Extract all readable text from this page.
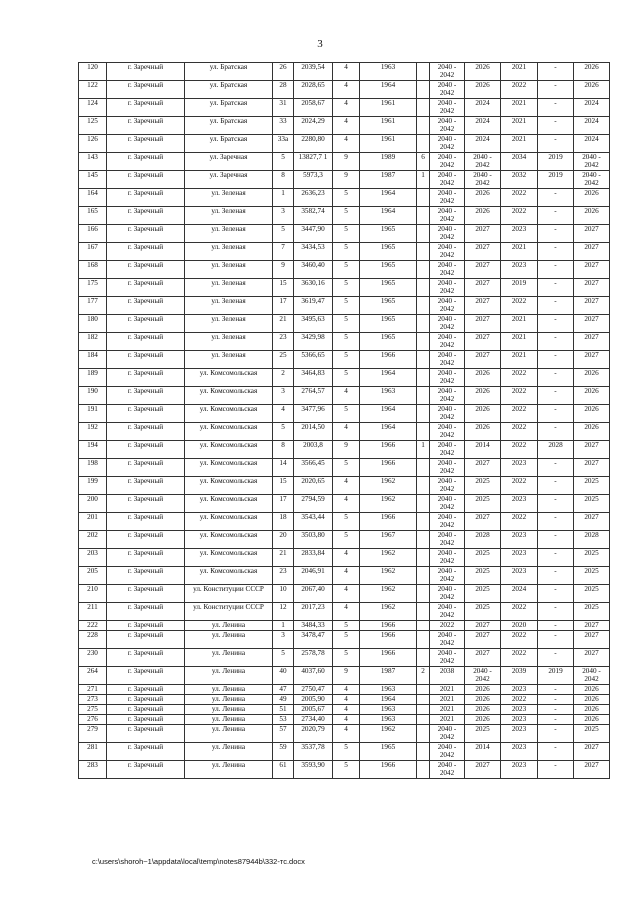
3
120	г. Заречный	ул. Братская	26	2039,54	4	1963		2040 - 2042	2026	2021	-	2026
122	г. Заречный	ул. Братская	28	2028,65	4	1964		2040 - 2042	2026	2022	-	2026
124	г. Заречный	ул. Братская	31	2058,67	4	1961		2040 - 2042	2024	2021	-	2024
125	г. Заречный	ул. Братская	33	2024,29	4	1961		2040 - 2042	2024	2021	-	2024
126	г. Заречный	ул. Братская	33а	2280,80	4	1961		2040 - 2042	2024	2021	-	2024
143	г. Заречный	ул. Заречная	5	13827,7 1	9	1989	6	2040 - 2042	2040 - 2042	2034	2019	2040 - 2042
145	г. Заречный	ул. Заречная	8	5973,3	9	1987	1	2040 - 2042	2040 - 2042	2032	2019	2040 - 2042
164	г. Заречный	ул. Зеленая	1	2636,23	5	1964		2040 - 2042	2026	2022	-	2026
165	г. Заречный	ул. Зеленая	3	3582,74	5	1964		2040 - 2042	2026	2022	-	2026
166	г. Заречный	ул. Зеленая	5	3447,90	5	1965		2040 - 2042	2027	2023	-	2027
167	г. Заречный	ул. Зеленая	7	3434,53	5	1965		2040 - 2042	2027	2021	-	2027
168	г. Заречный	ул. Зеленая	9	3460,40	5	1965		2040 - 2042	2027	2023	-	2027
175	г. Заречный	ул. Зеленая	15	3630,16	5	1965		2040 - 2042	2027	2019	-	2027
177	г. Заречный	ул. Зеленая	17	3619,47	5	1965		2040 - 2042	2027	2022	-	2027
180	г. Заречный	ул. Зеленая	21	3495,63	5	1965		2040 - 2042	2027	2021	-	2027
182	г. Заречный	ул. Зеленая	23	3429,98	5	1965		2040 - 2042	2027	2021	-	2027
184	г. Заречный	ул. Зеленая	25	5366,65	5	1966		2040 - 2042	2027	2021	-	2027
189	г. Заречный	ул. Комсомольская	2	3464,83	5	1964		2040 - 2042	2026	2022	-	2026
190	г. Заречный	ул. Комсомольская	3	2764,57	4	1963		2040 - 2042	2026	2022	-	2026
191	г. Заречный	ул. Комсомольская	4	3477,96	5	1964		2040 - 2042	2026	2022	-	2026
192	г. Заречный	ул. Комсомольская	5	2014,50	4	1964		2040 - 2042	2026	2022	-	2026
194	г. Заречный	ул. Комсомольская	8	2003,8	9	1966	1	2040 - 2042	2014	2022	2028	2027
198	г. Заречный	ул. Комсомольская	14	3566,45	5	1966		2040 - 2042	2027	2023	-	2027
199	г. Заречный	ул. Комсомольская	15	2020,65	4	1962		2040 - 2042	2025	2022	-	2025
200	г. Заречный	ул. Комсомольская	17	2794,59	4	1962		2040 - 2042	2025	2023	-	2025
201	г. Заречный	ул. Комсомольская	18	3543,44	5	1966		2040 - 2042	2027	2022	-	2027
202	г. Заречный	ул. Комсомольская	20	3503,80	5	1967		2040 - 2042	2028	2023	-	2028
203	г. Заречный	ул. Комсомольская	21	2833,84	4	1962		2040 - 2042	2025	2023	-	2025
205	г. Заречный	ул. Комсомольская	23	2046,91	4	1962		2040 - 2042	2025	2023	-	2025
210	г. Заречный	ул. Конституции СССР	10	2067,40	4	1962		2040 - 2042	2025	2024	-	2025
211	г. Заречный	ул. Конституции СССР	12	2017,23	4	1962		2040 - 2042	2025	2022	-	2025
222	г. Заречный	ул. Ленина	1	3484,33	5	1966		2022	2027	2020	-	2027
228	г. Заречный	ул. Ленина	3	3478,47	5	1966		2040 - 2042	2027	2022	-	2027
230	г. Заречный	ул. Ленина	5	2578,78	5	1966		2040 - 2042	2027	2022	-	2027
264	г. Заречный	ул. Ленина	40	4037,60	9	1987	2	2038	2040 - 2042	2039	2019	2040 - 2042
271	г. Заречный	ул. Ленина	47	2750,47	4	1963		2021	2026	2023	-	2026
273	г. Заречный	ул. Ленина	49	2005,90	4	1964		2021	2026	2022	-	2026
275	г. Заречный	ул. Ленина	51	2005,67	4	1963		2021	2026	2023	-	2026
276	г. Заречный	ул. Ленина	53	2734,40	4	1963		2021	2026	2023	-	2026
279	г. Заречный	ул. Ленина	57	2020,79	4	1962		2040 - 2042	2025	2023	-	2025
281	г. Заречный	ул. Ленина	59	3537,78	5	1965		2040 - 2042	2014	2023	-	2027
283	г. Заречный	ул. Ленина	61	3593,90	5	1966		2040 - 2042	2027	2023	-	2027
c:\users\shoroh~1\appdata\local\temp\notes87944b\332-тс.docx
